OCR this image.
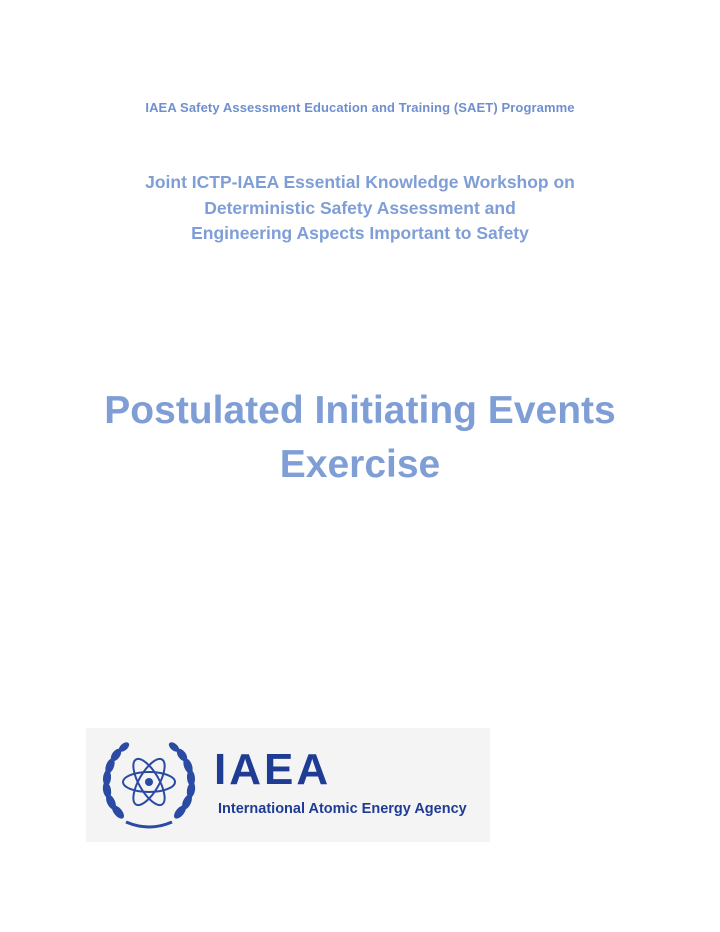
IAEA Safety Assessment Education and Training (SAET) Programme
Joint ICTP-IAEA Essential Knowledge Workshop on
Deterministic Safety Assessment and
Engineering Aspects Important to Safety
Postulated Initiating Events
Exercise
IAEA
International Atomic Energy Agency
